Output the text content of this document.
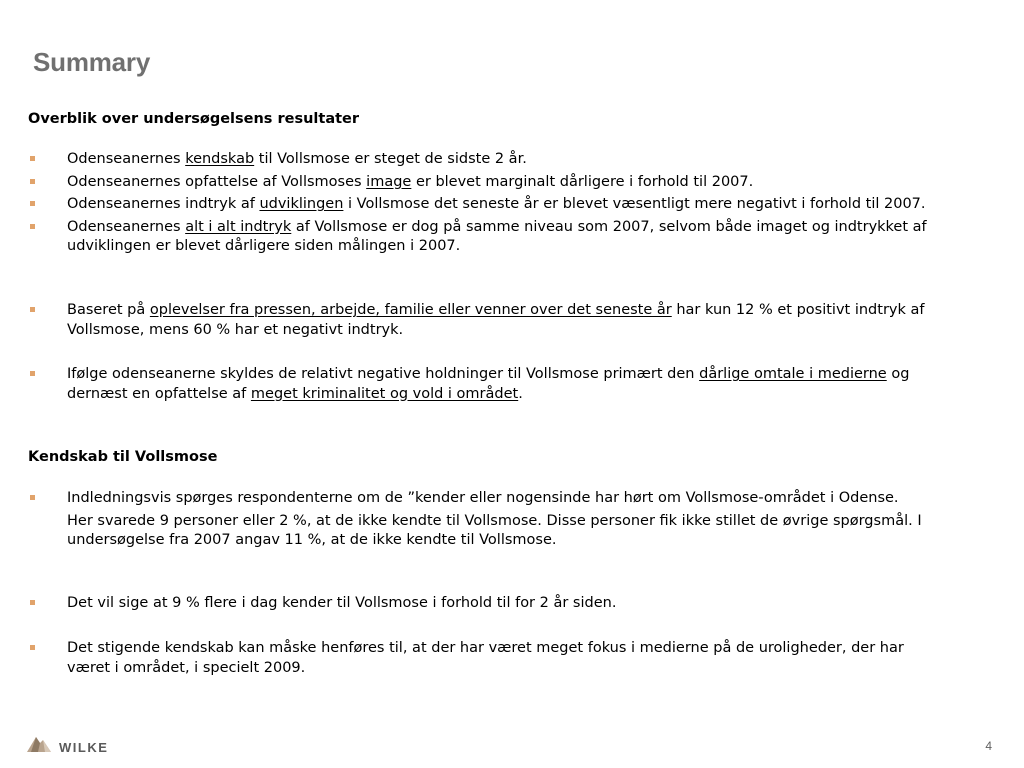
Summary
Overblik over undersøgelsens resultater
Odenseanernes kendskab til Vollsmose er steget de sidste 2 år.
Odenseanernes opfattelse af Vollsmoses image er blevet marginalt dårligere i forhold til 2007.
Odenseanernes indtryk af udviklingen i Vollsmose det seneste år er blevet væsentligt mere negativt i forhold til 2007.
Odenseanernes alt i alt indtryk af Vollsmose er dog på samme niveau som 2007, selvom både imaget og indtrykket af udviklingen er blevet dårligere siden målingen i 2007.
Baseret på oplevelser fra pressen, arbejde, familie eller venner over det seneste år har kun 12 % et positivt indtryk af Vollsmose, mens 60 % har et negativt indtryk.
Ifølge odenseanerne skyldes de relativt negative holdninger til Vollsmose primært den dårlige omtale i medierne og dernæst en opfattelse af meget kriminalitet og vold i området.
Kendskab til Vollsmose
Indledningsvis spørges respondenterne om de ”kender eller nogensinde har hørt om Vollsmose-området i Odense.
Her svarede 9 personer eller 2 %, at de ikke kendte til Vollsmose. Disse personer fik ikke stillet de øvrige spørgsmål. I undersøgelse fra 2007 angav 11 %, at de ikke kendte til Vollsmose.
Det vil sige at 9 % flere i dag kender til Vollsmose i forhold til for 2 år siden.
Det stigende kendskab kan måske henføres til, at der har været meget fokus i medierne på de uroligheder, der har været i området, i specielt 2009.
WILKE	4
